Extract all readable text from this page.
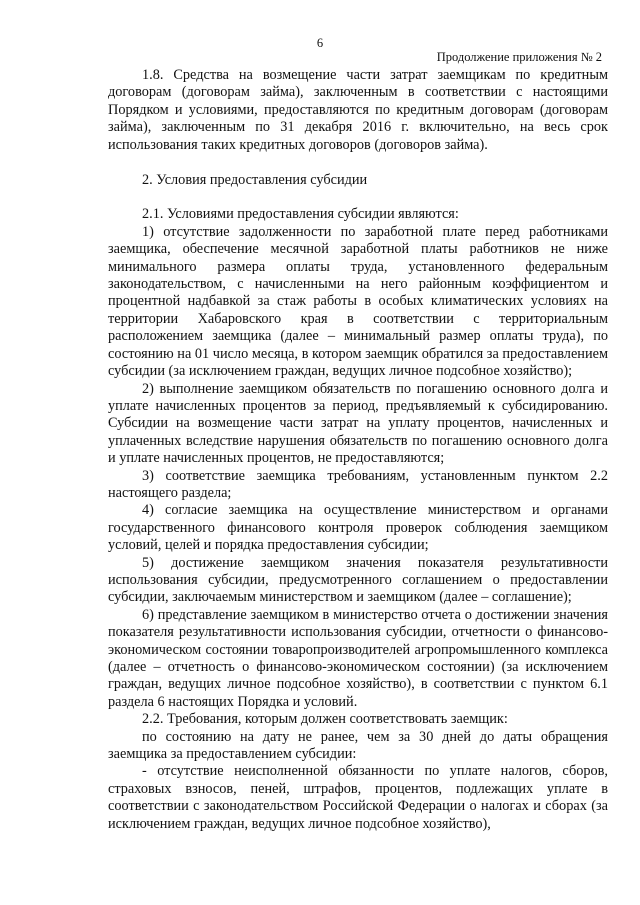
6
Продолжение приложения № 2

1.8. Средства на возмещение части затрат заемщикам по кредитным договорам (договорам займа), заключенным в соответствии с настоящими Порядком и условиями, предоставляются по кредитным договорам (договорам займа), заключенным по 31 декабря 2016 г. включительно, на весь срок использования таких кредитных договоров (договоров займа).

2. Условия предоставления субсидии

2.1. Условиями предоставления субсидии являются:

1) отсутствие задолженности по заработной плате перед работниками заемщика, обеспечение месячной заработной платы работников не ниже минимального размера оплаты труда, установленного федеральным законодательством, с начисленными на него районным коэффициентом и процентной надбавкой за стаж работы в особых климатических условиях на территории Хабаровского края в соответствии с территориальным расположением заемщика (далее – минимальный размер оплаты труда), по состоянию на 01 число месяца, в котором заемщик обратился за предоставлением субсидии (за исключением граждан, ведущих личное подсобное хозяйство);

2) выполнение заемщиком обязательств по погашению основного долга и уплате начисленных процентов за период, предъявляемый к субсидированию. Субсидии на возмещение части затрат на уплату процентов, начисленных и уплаченных вследствие нарушения обязательств по погашению основного долга и уплате начисленных процентов, не предоставляются;

3) соответствие заемщика требованиям, установленным пунктом 2.2 настоящего раздела;

4) согласие заемщика на осуществление министерством и органами государственного финансового контроля проверок соблюдения заемщиком условий, целей и порядка предоставления субсидии;

5) достижение заемщиком значения показателя результативности использования субсидии, предусмотренного соглашением о предоставлении субсидии, заключаемым министерством и заемщиком (далее – соглашение);

6) представление заемщиком в министерство отчета о достижении значения показателя результативности использования субсидии, отчетности о финансово-экономическом состоянии товаропроизводителей агропромышленного комплекса (далее – отчетность о финансово-экономическом состоянии) (за исключением граждан, ведущих личное подсобное хозяйство), в соответствии с пунктом 6.1 раздела 6 настоящих Порядка и условий.

2.2. Требования, которым должен соответствовать заемщик:

по состоянию на дату не ранее, чем за 30 дней до даты обращения заемщика за предоставлением субсидии:

- отсутствие неисполненной обязанности по уплате налогов, сборов, страховых взносов, пеней, штрафов, процентов, подлежащих уплате в соответствии с законодательством Российской Федерации о налогах и сборах (за исключением граждан, ведущих личное подсобное хозяйство),
